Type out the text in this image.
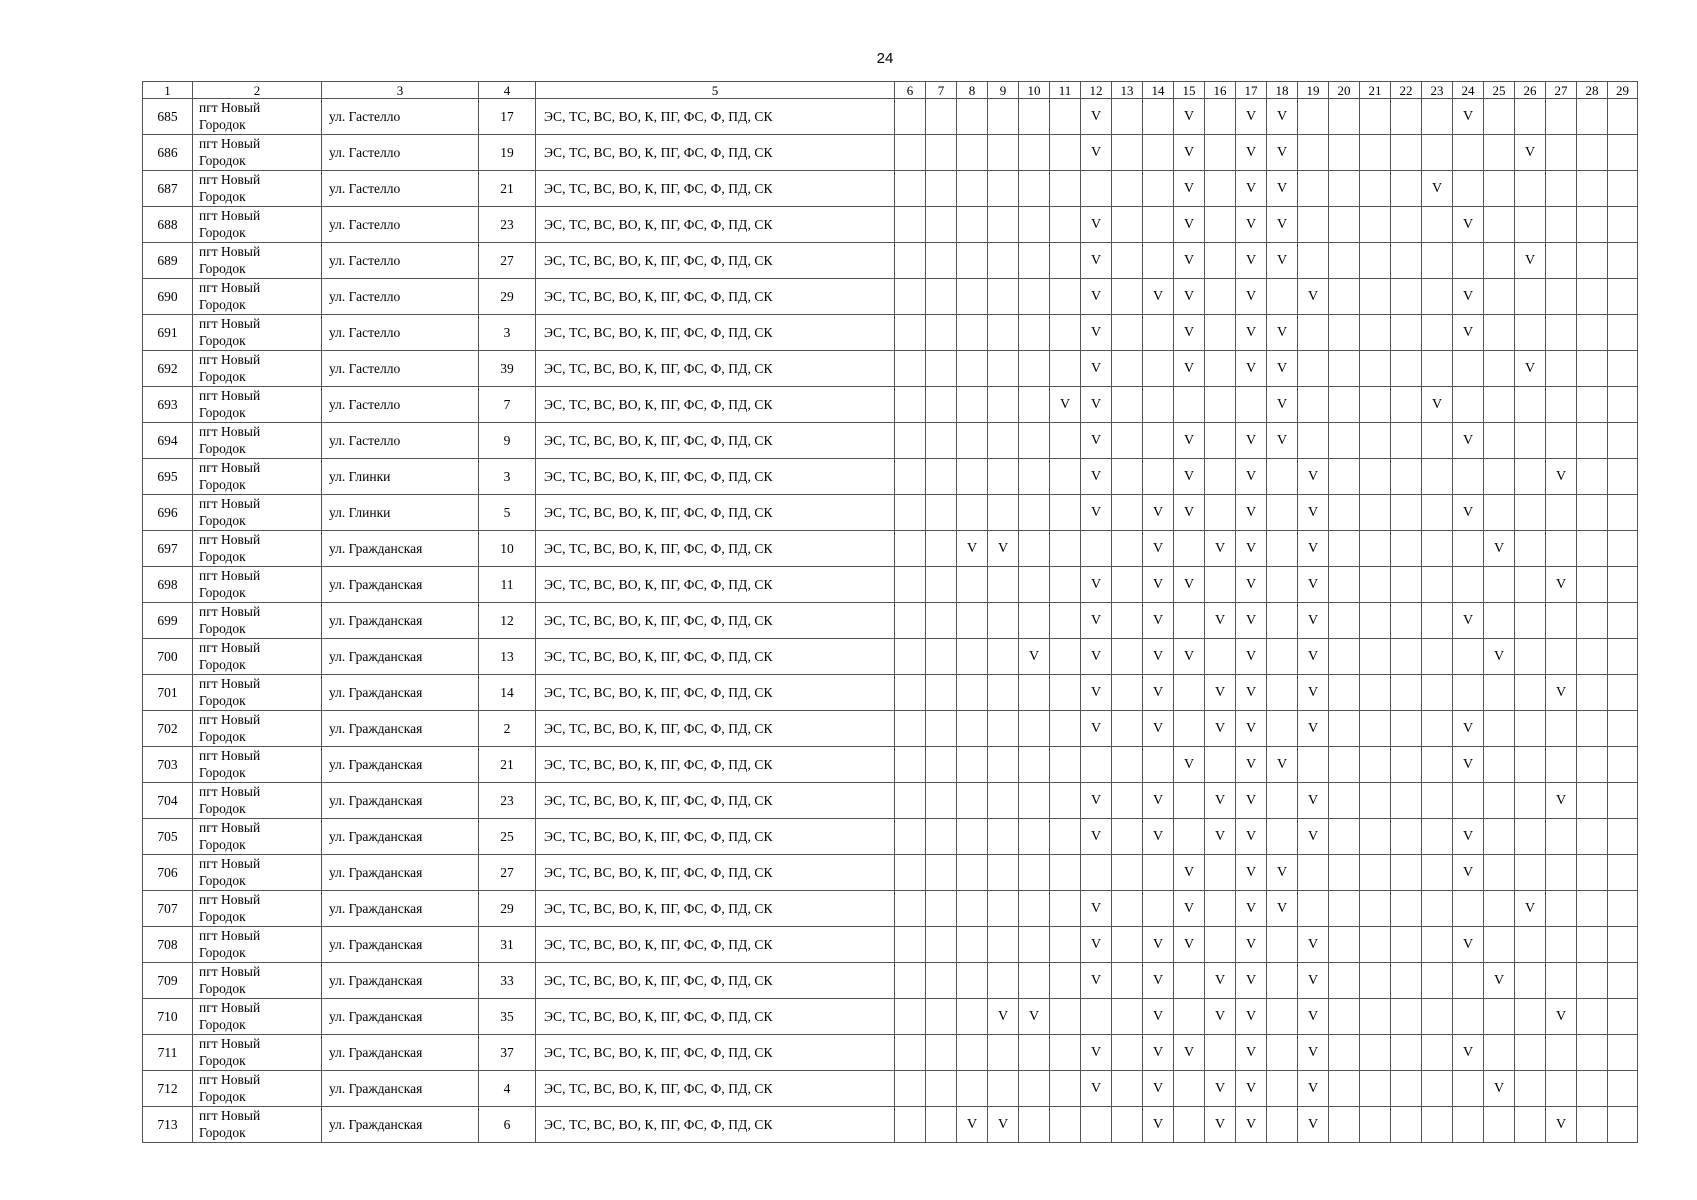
24
1	2	3	4	5	6	7	8	9	10	11	12	13	14	15	16	17	18	19	20	21	22	23	24	25	26	27	28	29
685	пгт Новый
Городок	ул. Гастелло	17	ЭС, ТС, ВС, ВО, К, ПГ, ФС, Ф, ПД, СК							V			V		V	V						V					
686	пгт Новый
Городок	ул. Гастелло	19	ЭС, ТС, ВС, ВО, К, ПГ, ФС, Ф, ПД, СК							V			V		V	V								V			
687	пгт Новый
Городок	ул. Гастелло	21	ЭС, ТС, ВС, ВО, К, ПГ, ФС, Ф, ПД, СК										V		V	V					V						
688	пгт Новый
Городок	ул. Гастелло	23	ЭС, ТС, ВС, ВО, К, ПГ, ФС, Ф, ПД, СК							V			V		V	V						V					
689	пгт Новый
Городок	ул. Гастелло	27	ЭС, ТС, ВС, ВО, К, ПГ, ФС, Ф, ПД, СК							V			V		V	V								V			
690	пгт Новый
Городок	ул. Гастелло	29	ЭС, ТС, ВС, ВО, К, ПГ, ФС, Ф, ПД, СК							V		V	V		V		V					V					
691	пгт Новый
Городок	ул. Гастелло	3	ЭС, ТС, ВС, ВО, К, ПГ, ФС, Ф, ПД, СК							V			V		V	V						V					
692	пгт Новый
Городок	ул. Гастелло	39	ЭС, ТС, ВС, ВО, К, ПГ, ФС, Ф, ПД, СК							V			V		V	V								V			
693	пгт Новый
Городок	ул. Гастелло	7	ЭС, ТС, ВС, ВО, К, ПГ, ФС, Ф, ПД, СК						V	V						V					V						
694	пгт Новый
Городок	ул. Гастелло	9	ЭС, ТС, ВС, ВО, К, ПГ, ФС, Ф, ПД, СК							V			V		V	V						V					
695	пгт Новый
Городок	ул. Глинки	3	ЭС, ТС, ВС, ВО, К, ПГ, ФС, Ф, ПД, СК							V			V		V		V								V		
696	пгт Новый
Городок	ул. Глинки	5	ЭС, ТС, ВС, ВО, К, ПГ, ФС, Ф, ПД, СК							V		V	V		V		V					V					
697	пгт Новый
Городок	ул. Гражданская	10	ЭС, ТС, ВС, ВО, К, ПГ, ФС, Ф, ПД, СК			V	V					V		V	V		V						V				
698	пгт Новый
Городок	ул. Гражданская	11	ЭС, ТС, ВС, ВО, К, ПГ, ФС, Ф, ПД, СК							V		V	V		V		V								V		
699	пгт Новый
Городок	ул. Гражданская	12	ЭС, ТС, ВС, ВО, К, ПГ, ФС, Ф, ПД, СК							V		V		V	V		V					V					
700	пгт Новый
Городок	ул. Гражданская	13	ЭС, ТС, ВС, ВО, К, ПГ, ФС, Ф, ПД, СК					V		V		V	V		V		V						V				
701	пгт Новый
Городок	ул. Гражданская	14	ЭС, ТС, ВС, ВО, К, ПГ, ФС, Ф, ПД, СК							V		V		V	V		V								V		
702	пгт Новый
Городок	ул. Гражданская	2	ЭС, ТС, ВС, ВО, К, ПГ, ФС, Ф, ПД, СК							V		V		V	V		V					V					
703	пгт Новый
Городок	ул. Гражданская	21	ЭС, ТС, ВС, ВО, К, ПГ, ФС, Ф, ПД, СК										V		V	V						V					
704	пгт Новый
Городок	ул. Гражданская	23	ЭС, ТС, ВС, ВО, К, ПГ, ФС, Ф, ПД, СК							V		V		V	V		V								V		
705	пгт Новый
Городок	ул. Гражданская	25	ЭС, ТС, ВС, ВО, К, ПГ, ФС, Ф, ПД, СК							V		V		V	V		V					V					
706	пгт Новый
Городок	ул. Гражданская	27	ЭС, ТС, ВС, ВО, К, ПГ, ФС, Ф, ПД, СК										V		V	V						V					
707	пгт Новый
Городок	ул. Гражданская	29	ЭС, ТС, ВС, ВО, К, ПГ, ФС, Ф, ПД, СК							V			V		V	V								V			
708	пгт Новый
Городок	ул. Гражданская	31	ЭС, ТС, ВС, ВО, К, ПГ, ФС, Ф, ПД, СК							V		V	V		V		V					V					
709	пгт Новый
Городок	ул. Гражданская	33	ЭС, ТС, ВС, ВО, К, ПГ, ФС, Ф, ПД, СК							V		V		V	V		V						V				
710	пгт Новый
Городок	ул. Гражданская	35	ЭС, ТС, ВС, ВО, К, ПГ, ФС, Ф, ПД, СК				V	V				V		V	V		V								V		
711	пгт Новый
Городок	ул. Гражданская	37	ЭС, ТС, ВС, ВО, К, ПГ, ФС, Ф, ПД, СК							V		V	V		V		V					V					
712	пгт Новый
Городок	ул. Гражданская	4	ЭС, ТС, ВС, ВО, К, ПГ, ФС, Ф, ПД, СК							V		V		V	V		V						V				
713	пгт Новый
Городок	ул. Гражданская	6	ЭС, ТС, ВС, ВО, К, ПГ, ФС, Ф, ПД, СК			V	V					V		V	V		V								V		
